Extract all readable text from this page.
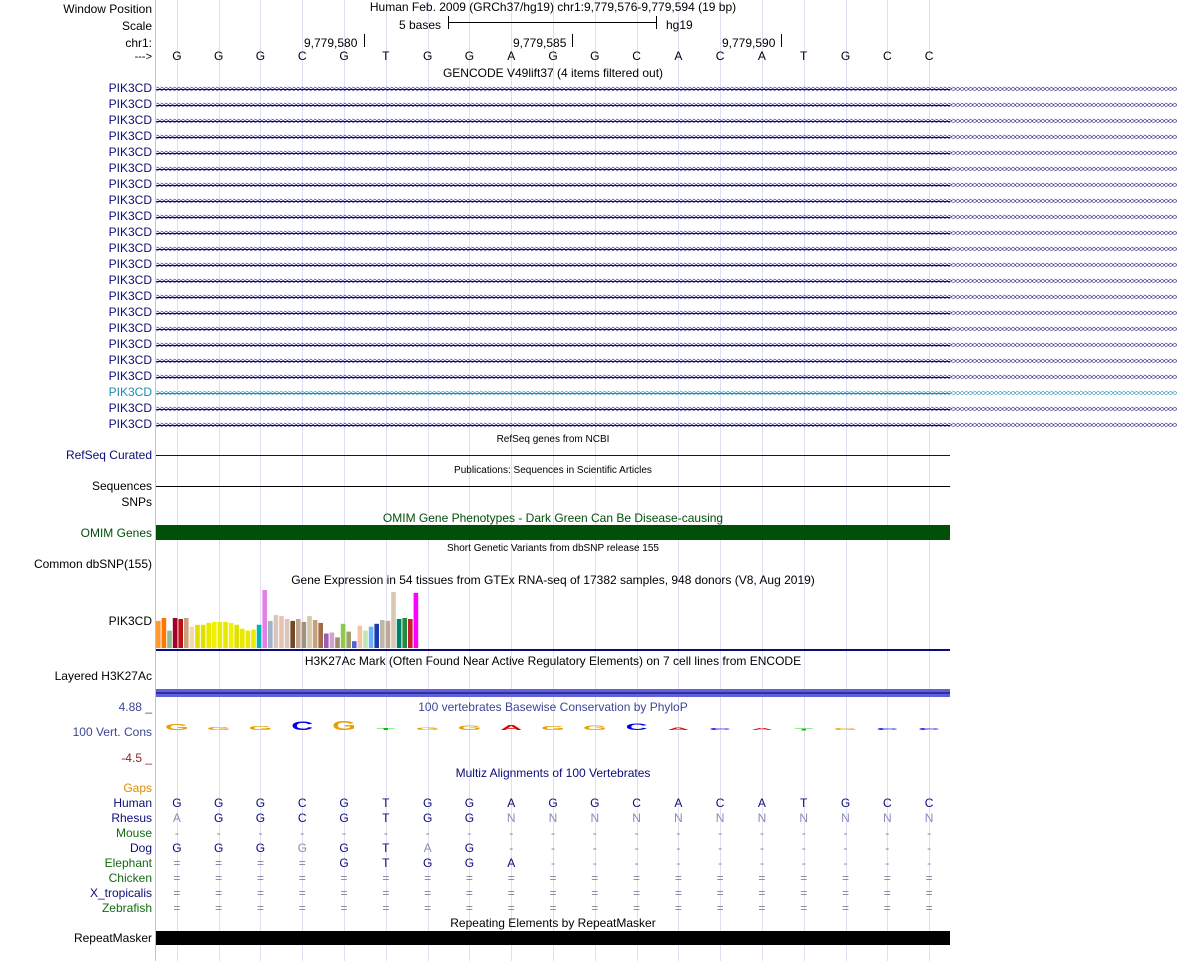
Window Position
Scale
chr1:
--->
PIK3CD
PIK3CD
PIK3CD
PIK3CD
PIK3CD
PIK3CD
PIK3CD
PIK3CD
PIK3CD
PIK3CD
PIK3CD
PIK3CD
PIK3CD
PIK3CD
PIK3CD
PIK3CD
PIK3CD
PIK3CD
PIK3CD
PIK3CD
PIK3CD
PIK3CD
RefSeq Curated
Sequences
SNPs
OMIM Genes
Common dbSNP(155)
PIK3CD
Layered H3K27Ac
4.88 _
100 Vert. Cons
-4.5 _
Gaps
Human
Rhesus
Mouse
Dog
Elephant
Chicken
X_tropicalis
Zebrafish
RepeatMasker
Human Feb. 2009 (GRCh37/hg19) chr1:9,779,576-9,779,594 (19 bp)
5 bases	hg19
9,779,580	9,779,585	9,779,590
G	G	G	C	G	T	G	G	A	G	G	C	A	C	A	T	G	C	C
GENCODE V49lift37 (4 items filtered out)
>>>>>>>>>>>>>>>>>>>>>>>>>>>>>>>>>>>>>>>>>>>>>>>>>>>>>>>>>>>>>>>>>>>>>>>>>>>>>>>>>>>>>>>>>>>>>>>>>>>>>>>>>>>>>>>>>>>>>>>>>>>>>>>>>>>>>>>>>>>>>>>>>>>>>>>>>>>>>>>>>>>>>>>>>>>>>>>>>>>>>>>>>>>>>>>>>>>>>>>>>>>>>>>>>>>>>>>>>>>>>>>>>>>>>>>>>>>>>>>>
>>>>>>>>>>>>>>>>>>>>>>>>>>>>>>>>>>>>>>>>>>>>>>>>>>>>>>>>>>>>>>>>>>>>>>>>>>>>>>>>>>>>>>>>>>>>>>>>>>>>>>>>>>>>>>>>>>>>>>>>>>>>>>>>>>>>>>>>>>>>>>>>>>>>>>>>>>>>>>>>>>>>>>>>>>>>>>>>>>>>>>>>>>>>>>>>>>>>>>>>>>>>>>>>>>>>>>>>>>>>>>>>>>>>>>>>>>>>>>>>
>>>>>>>>>>>>>>>>>>>>>>>>>>>>>>>>>>>>>>>>>>>>>>>>>>>>>>>>>>>>>>>>>>>>>>>>>>>>>>>>>>>>>>>>>>>>>>>>>>>>>>>>>>>>>>>>>>>>>>>>>>>>>>>>>>>>>>>>>>>>>>>>>>>>>>>>>>>>>>>>>>>>>>>>>>>>>>>>>>>>>>>>>>>>>>>>>>>>>>>>>>>>>>>>>>>>>>>>>>>>>>>>>>>>>>>>>>>>>>>>
>>>>>>>>>>>>>>>>>>>>>>>>>>>>>>>>>>>>>>>>>>>>>>>>>>>>>>>>>>>>>>>>>>>>>>>>>>>>>>>>>>>>>>>>>>>>>>>>>>>>>>>>>>>>>>>>>>>>>>>>>>>>>>>>>>>>>>>>>>>>>>>>>>>>>>>>>>>>>>>>>>>>>>>>>>>>>>>>>>>>>>>>>>>>>>>>>>>>>>>>>>>>>>>>>>>>>>>>>>>>>>>>>>>>>>>>>>>>>>>>
>>>>>>>>>>>>>>>>>>>>>>>>>>>>>>>>>>>>>>>>>>>>>>>>>>>>>>>>>>>>>>>>>>>>>>>>>>>>>>>>>>>>>>>>>>>>>>>>>>>>>>>>>>>>>>>>>>>>>>>>>>>>>>>>>>>>>>>>>>>>>>>>>>>>>>>>>>>>>>>>>>>>>>>>>>>>>>>>>>>>>>>>>>>>>>>>>>>>>>>>>>>>>>>>>>>>>>>>>>>>>>>>>>>>>>>>>>>>>>>>
>>>>>>>>>>>>>>>>>>>>>>>>>>>>>>>>>>>>>>>>>>>>>>>>>>>>>>>>>>>>>>>>>>>>>>>>>>>>>>>>>>>>>>>>>>>>>>>>>>>>>>>>>>>>>>>>>>>>>>>>>>>>>>>>>>>>>>>>>>>>>>>>>>>>>>>>>>>>>>>>>>>>>>>>>>>>>>>>>>>>>>>>>>>>>>>>>>>>>>>>>>>>>>>>>>>>>>>>>>>>>>>>>>>>>>>>>>>>>>>>
>>>>>>>>>>>>>>>>>>>>>>>>>>>>>>>>>>>>>>>>>>>>>>>>>>>>>>>>>>>>>>>>>>>>>>>>>>>>>>>>>>>>>>>>>>>>>>>>>>>>>>>>>>>>>>>>>>>>>>>>>>>>>>>>>>>>>>>>>>>>>>>>>>>>>>>>>>>>>>>>>>>>>>>>>>>>>>>>>>>>>>>>>>>>>>>>>>>>>>>>>>>>>>>>>>>>>>>>>>>>>>>>>>>>>>>>>>>>>>>>
>>>>>>>>>>>>>>>>>>>>>>>>>>>>>>>>>>>>>>>>>>>>>>>>>>>>>>>>>>>>>>>>>>>>>>>>>>>>>>>>>>>>>>>>>>>>>>>>>>>>>>>>>>>>>>>>>>>>>>>>>>>>>>>>>>>>>>>>>>>>>>>>>>>>>>>>>>>>>>>>>>>>>>>>>>>>>>>>>>>>>>>>>>>>>>>>>>>>>>>>>>>>>>>>>>>>>>>>>>>>>>>>>>>>>>>>>>>>>>>>
>>>>>>>>>>>>>>>>>>>>>>>>>>>>>>>>>>>>>>>>>>>>>>>>>>>>>>>>>>>>>>>>>>>>>>>>>>>>>>>>>>>>>>>>>>>>>>>>>>>>>>>>>>>>>>>>>>>>>>>>>>>>>>>>>>>>>>>>>>>>>>>>>>>>>>>>>>>>>>>>>>>>>>>>>>>>>>>>>>>>>>>>>>>>>>>>>>>>>>>>>>>>>>>>>>>>>>>>>>>>>>>>>>>>>>>>>>>>>>>>
>>>>>>>>>>>>>>>>>>>>>>>>>>>>>>>>>>>>>>>>>>>>>>>>>>>>>>>>>>>>>>>>>>>>>>>>>>>>>>>>>>>>>>>>>>>>>>>>>>>>>>>>>>>>>>>>>>>>>>>>>>>>>>>>>>>>>>>>>>>>>>>>>>>>>>>>>>>>>>>>>>>>>>>>>>>>>>>>>>>>>>>>>>>>>>>>>>>>>>>>>>>>>>>>>>>>>>>>>>>>>>>>>>>>>>>>>>>>>>>>
>>>>>>>>>>>>>>>>>>>>>>>>>>>>>>>>>>>>>>>>>>>>>>>>>>>>>>>>>>>>>>>>>>>>>>>>>>>>>>>>>>>>>>>>>>>>>>>>>>>>>>>>>>>>>>>>>>>>>>>>>>>>>>>>>>>>>>>>>>>>>>>>>>>>>>>>>>>>>>>>>>>>>>>>>>>>>>>>>>>>>>>>>>>>>>>>>>>>>>>>>>>>>>>>>>>>>>>>>>>>>>>>>>>>>>>>>>>>>>>>
>>>>>>>>>>>>>>>>>>>>>>>>>>>>>>>>>>>>>>>>>>>>>>>>>>>>>>>>>>>>>>>>>>>>>>>>>>>>>>>>>>>>>>>>>>>>>>>>>>>>>>>>>>>>>>>>>>>>>>>>>>>>>>>>>>>>>>>>>>>>>>>>>>>>>>>>>>>>>>>>>>>>>>>>>>>>>>>>>>>>>>>>>>>>>>>>>>>>>>>>>>>>>>>>>>>>>>>>>>>>>>>>>>>>>>>>>>>>>>>>
>>>>>>>>>>>>>>>>>>>>>>>>>>>>>>>>>>>>>>>>>>>>>>>>>>>>>>>>>>>>>>>>>>>>>>>>>>>>>>>>>>>>>>>>>>>>>>>>>>>>>>>>>>>>>>>>>>>>>>>>>>>>>>>>>>>>>>>>>>>>>>>>>>>>>>>>>>>>>>>>>>>>>>>>>>>>>>>>>>>>>>>>>>>>>>>>>>>>>>>>>>>>>>>>>>>>>>>>>>>>>>>>>>>>>>>>>>>>>>>>
>>>>>>>>>>>>>>>>>>>>>>>>>>>>>>>>>>>>>>>>>>>>>>>>>>>>>>>>>>>>>>>>>>>>>>>>>>>>>>>>>>>>>>>>>>>>>>>>>>>>>>>>>>>>>>>>>>>>>>>>>>>>>>>>>>>>>>>>>>>>>>>>>>>>>>>>>>>>>>>>>>>>>>>>>>>>>>>>>>>>>>>>>>>>>>>>>>>>>>>>>>>>>>>>>>>>>>>>>>>>>>>>>>>>>>>>>>>>>>>>
>>>>>>>>>>>>>>>>>>>>>>>>>>>>>>>>>>>>>>>>>>>>>>>>>>>>>>>>>>>>>>>>>>>>>>>>>>>>>>>>>>>>>>>>>>>>>>>>>>>>>>>>>>>>>>>>>>>>>>>>>>>>>>>>>>>>>>>>>>>>>>>>>>>>>>>>>>>>>>>>>>>>>>>>>>>>>>>>>>>>>>>>>>>>>>>>>>>>>>>>>>>>>>>>>>>>>>>>>>>>>>>>>>>>>>>>>>>>>>>>
>>>>>>>>>>>>>>>>>>>>>>>>>>>>>>>>>>>>>>>>>>>>>>>>>>>>>>>>>>>>>>>>>>>>>>>>>>>>>>>>>>>>>>>>>>>>>>>>>>>>>>>>>>>>>>>>>>>>>>>>>>>>>>>>>>>>>>>>>>>>>>>>>>>>>>>>>>>>>>>>>>>>>>>>>>>>>>>>>>>>>>>>>>>>>>>>>>>>>>>>>>>>>>>>>>>>>>>>>>>>>>>>>>>>>>>>>>>>>>>>
>>>>>>>>>>>>>>>>>>>>>>>>>>>>>>>>>>>>>>>>>>>>>>>>>>>>>>>>>>>>>>>>>>>>>>>>>>>>>>>>>>>>>>>>>>>>>>>>>>>>>>>>>>>>>>>>>>>>>>>>>>>>>>>>>>>>>>>>>>>>>>>>>>>>>>>>>>>>>>>>>>>>>>>>>>>>>>>>>>>>>>>>>>>>>>>>>>>>>>>>>>>>>>>>>>>>>>>>>>>>>>>>>>>>>>>>>>>>>>>>
>>>>>>>>>>>>>>>>>>>>>>>>>>>>>>>>>>>>>>>>>>>>>>>>>>>>>>>>>>>>>>>>>>>>>>>>>>>>>>>>>>>>>>>>>>>>>>>>>>>>>>>>>>>>>>>>>>>>>>>>>>>>>>>>>>>>>>>>>>>>>>>>>>>>>>>>>>>>>>>>>>>>>>>>>>>>>>>>>>>>>>>>>>>>>>>>>>>>>>>>>>>>>>>>>>>>>>>>>>>>>>>>>>>>>>>>>>>>>>>>
>>>>>>>>>>>>>>>>>>>>>>>>>>>>>>>>>>>>>>>>>>>>>>>>>>>>>>>>>>>>>>>>>>>>>>>>>>>>>>>>>>>>>>>>>>>>>>>>>>>>>>>>>>>>>>>>>>>>>>>>>>>>>>>>>>>>>>>>>>>>>>>>>>>>>>>>>>>>>>>>>>>>>>>>>>>>>>>>>>>>>>>>>>>>>>>>>>>>>>>>>>>>>>>>>>>>>>>>>>>>>>>>>>>>>>>>>>>>>>>>
>>>>>>>>>>>>>>>>>>>>>>>>>>>>>>>>>>>>>>>>>>>>>>>>>>>>>>>>>>>>>>>>>>>>>>>>>>>>>>>>>>>>>>>>>>>>>>>>>>>>>>>>>>>>>>>>>>>>>>>>>>>>>>>>>>>>>>>>>>>>>>>>>>>>>>>>>>>>>>>>>>>>>>>>>>>>>>>>>>>>>>>>>>>>>>>>>>>>>>>>>>>>>>>>>>>>>>>>>>>>>>>>>>>>>>>>>>>>>>>>
>>>>>>>>>>>>>>>>>>>>>>>>>>>>>>>>>>>>>>>>>>>>>>>>>>>>>>>>>>>>>>>>>>>>>>>>>>>>>>>>>>>>>>>>>>>>>>>>>>>>>>>>>>>>>>>>>>>>>>>>>>>>>>>>>>>>>>>>>>>>>>>>>>>>>>>>>>>>>>>>>>>>>>>>>>>>>>>>>>>>>>>>>>>>>>>>>>>>>>>>>>>>>>>>>>>>>>>>>>>>>>>>>>>>>>>>>>>>>>>>
>>>>>>>>>>>>>>>>>>>>>>>>>>>>>>>>>>>>>>>>>>>>>>>>>>>>>>>>>>>>>>>>>>>>>>>>>>>>>>>>>>>>>>>>>>>>>>>>>>>>>>>>>>>>>>>>>>>>>>>>>>>>>>>>>>>>>>>>>>>>>>>>>>>>>>>>>>>>>>>>>>>>>>>>>>>>>>>>>>>>>>>>>>>>>>>>>>>>>>>>>>>>>>>>>>>>>>>>>>>>>>>>>>>>>>>>>>>>>>>>
RefSeq genes from NCBI
Publications: Sequences in Scientific Articles
OMIM Gene Phenotypes - Dark Green Can Be Disease-causing
Short Genetic Variants from dbSNP release 155
Gene Expression in 54 tissues from GTEx RNA-seq of 17382 samples, 948 donors (V8, Aug 2019)
H3K27Ac Mark (Often Found Near Active Regulatory Elements) on 7 cell lines from ENCODE
100 vertebrates Basewise Conservation by PhyloP
G G G C G T G G A G G C A C A T G C C
Multiz Alignments of 100 Vertebrates
G	G	G	C	G	T	G	G	A	G	G	C	A	C	A	T	G	C	C
A	G	G	C	G	T	G	G	N	N	N	N	N	N	N	N	N	N	N
-	-	-	-	-	-	-	-	-	-	-	-	-	-	-	-	-	-	-
G	G	G	G	G	T	A	G	-	-	-	-	-	-	-	-	-	-	-
=	=	=	=	G	T	G	G	A	-	-	-	-	-	-	-	-	-	-
=	=	=	=	=	=	=	=	=	=	=	=	=	=	=	=	=	=	=
=	=	=	=	=	=	=	=	=	=	=	=	=	=	=	=	=	=	=
=	=	=	=	=	=	=	=	=	=	=	=	=	=	=	=	=	=	=
Repeating Elements by RepeatMasker
